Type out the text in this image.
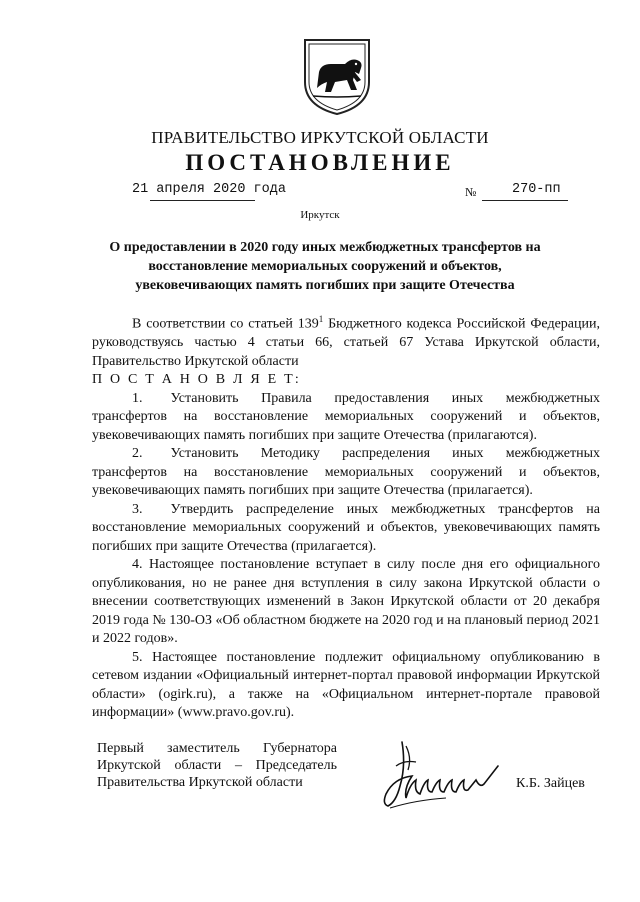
ПРАВИТЕЛЬСТВО ИРКУТСКОЙ ОБЛАСТИ
ПОСТАНОВЛЕНИЕ
21 апреля 2020 года	№	270-пп
Иркутск
О предоставлении в 2020 году иных межбюджетных трансфертов на восстановление мемориальных сооружений и объектов, увековечивающих память погибших при защите Отечества

В соответствии со статьей $139^1$ Бюджетного кодекса Российской Федерации, руководствуясь частью 4 статьи 66, статьей 67 Устава Иркутской области, Правительство Иркутской области

П О С Т А Н О В Л Я Е Т:

1. Установить Правила предоставления иных межбюджетных трансфертов на восстановление мемориальных сооружений и объектов, увековечивающих память погибших при защите Отечества (прилагаются).

2. Установить Методику распределения иных межбюджетных трансфертов на восстановление мемориальных сооружений и объектов, увековечивающих память погибших при защите Отечества (прилагается).

3. Утвердить распределение иных межбюджетных трансфертов на восстановление мемориальных сооружений и объектов, увековечивающих память погибших при защите Отечества (прилагается).

4. Настоящее постановление вступает в силу после дня его официального опубликования, но не ранее дня вступления в силу закона Иркутской области о внесении соответствующих изменений в Закон Иркутской области от 20 декабря 2019 года № 130-ОЗ «Об областном бюджете на 2020 год и на плановый период 2021 и 2022 годов».

5. Настоящее постановление подлежит официальному опубликованию в сетевом издании «Официальный интернет-портал правовой информации Иркутской области» (ogirk.ru), а также на «Официальном интернет-портале правовой информации» (www.pravo.gov.ru).

Первый заместитель Губернатора Иркутской области – Председатель Правительства Иркутской области	К.Б. Зайцев
